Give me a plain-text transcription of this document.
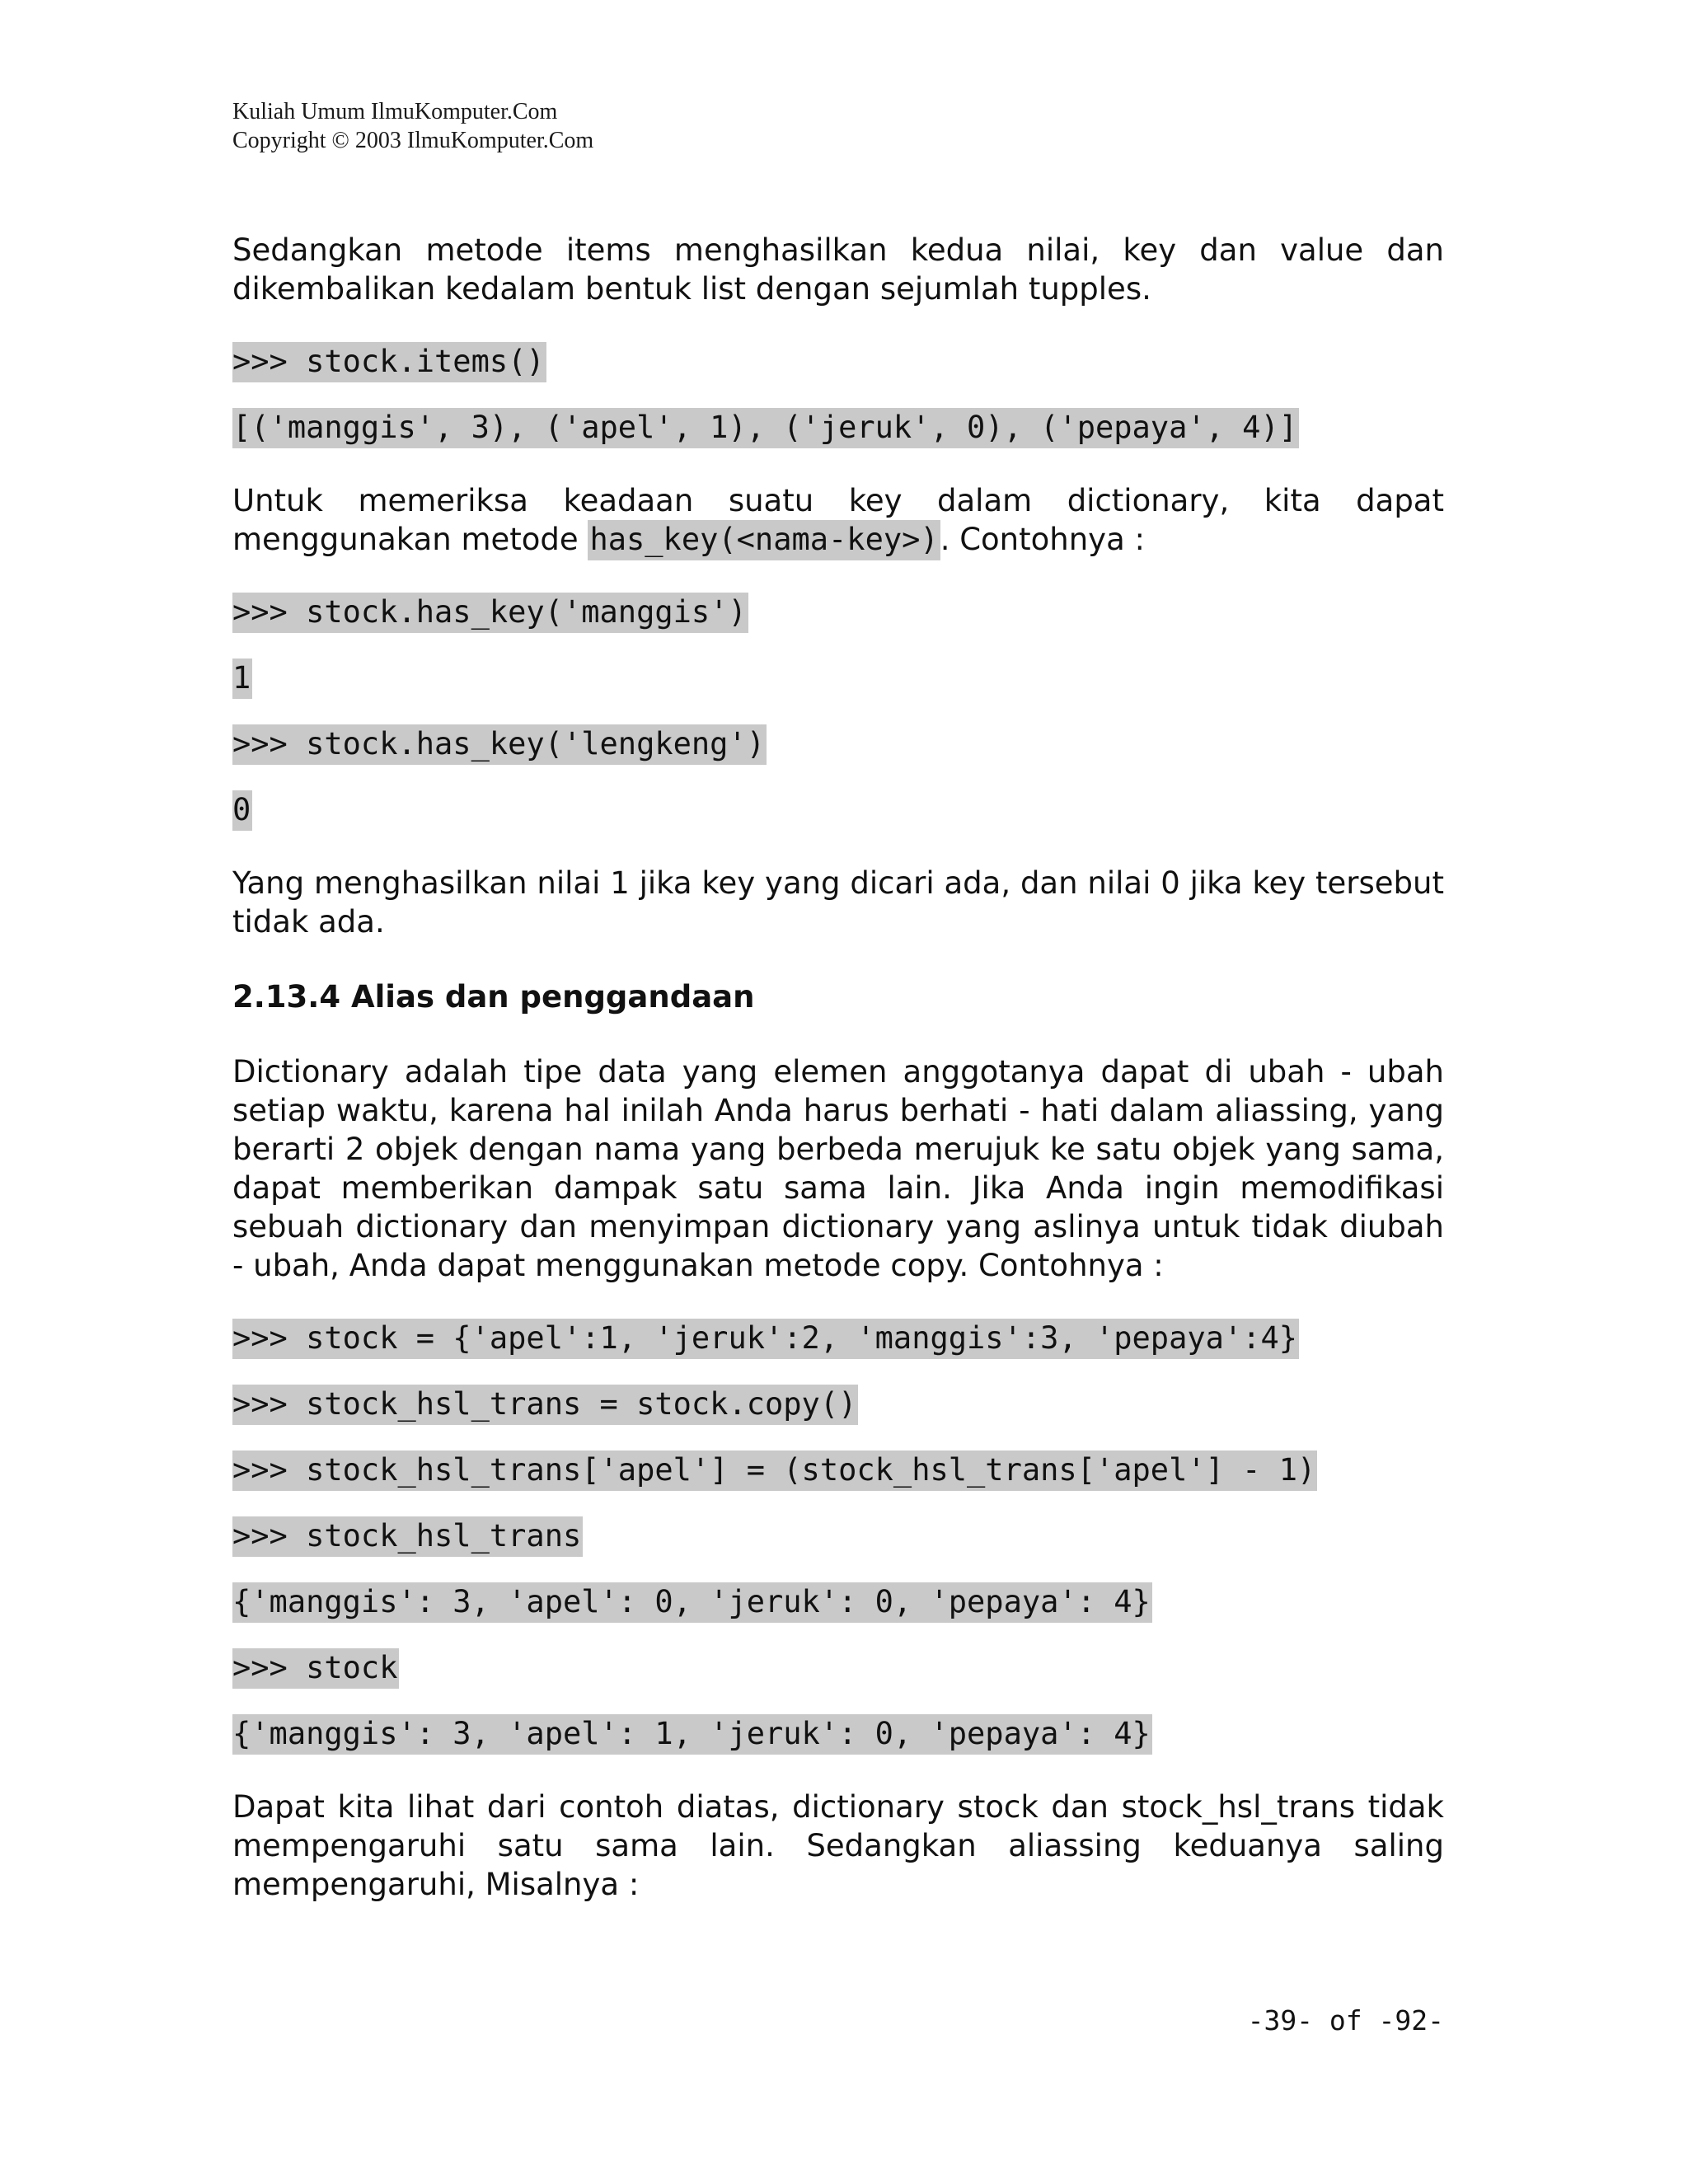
Kuliah Umum IlmuKomputer.Com
Copyright © 2003 IlmuKomputer.Com

Sedangkan metode items menghasilkan kedua nilai, key dan value dan dikembalikan kedalam bentuk list dengan sejumlah tupples.

>>> stock.items()
[('manggis', 3), ('apel', 1), ('jeruk', 0), ('pepaya', 4)]

Untuk memeriksa keadaan suatu key dalam dictionary, kita dapat menggunakan metode has_key(<nama-key>). Contohnya :

>>> stock.has_key('manggis')
1
>>> stock.has_key('lengkeng')
0

Yang menghasilkan nilai 1 jika key yang dicari ada, dan nilai 0 jika key tersebut tidak ada.

2.13.4 Alias dan penggandaan

Dictionary adalah tipe data yang elemen anggotanya dapat di ubah - ubah setiap waktu, karena hal inilah Anda harus berhati - hati dalam aliassing, yang berarti 2 objek dengan nama yang berbeda merujuk ke satu objek yang sama, dapat memberikan dampak satu sama lain. Jika Anda ingin memodifikasi sebuah dictionary dan menyimpan dictionary yang aslinya untuk tidak diubah - ubah, Anda dapat menggunakan metode copy. Contohnya :

>>> stock = {'apel':1, 'jeruk':2, 'manggis':3, 'pepaya':4}
>>> stock_hsl_trans = stock.copy()
>>> stock_hsl_trans['apel'] = (stock_hsl_trans['apel'] - 1)
>>> stock_hsl_trans
{'manggis': 3, 'apel': 0, 'jeruk': 0, 'pepaya': 4}
>>> stock
{'manggis': 3, 'apel': 1, 'jeruk': 0, 'pepaya': 4}

Dapat kita lihat dari contoh diatas, dictionary stock dan stock_hsl_trans tidak mempengaruhi satu sama lain. Sedangkan aliassing keduanya saling mempengaruhi, Misalnya :

-39- of -92-
